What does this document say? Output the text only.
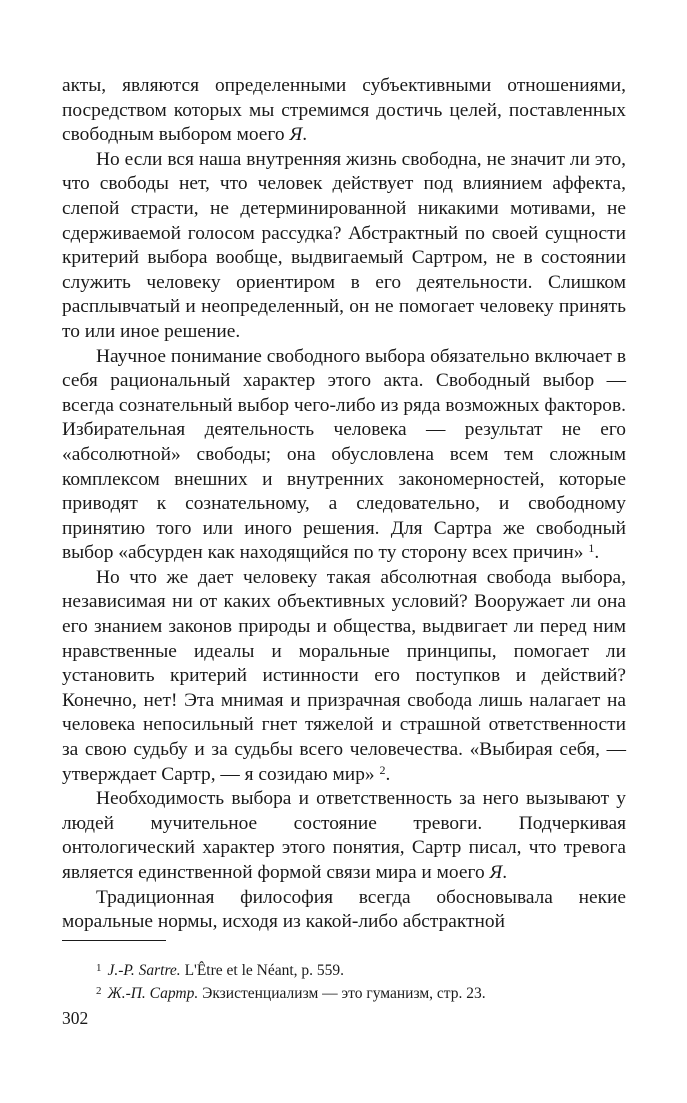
акты, являются определенными субъективными отношениями, посредством которых мы стремимся достичь целей, поставленных свободным выбором моего Я.

Но если вся наша внутренняя жизнь свободна, не значит ли это, что свободы нет, что человек действует под влиянием аффекта, слепой страсти, не детерминированной никакими мотивами, не сдерживаемой голосом рассудка? Абстрактный по своей сущности критерий выбора вообще, выдвигаемый Сартром, не в состоянии служить человеку ориентиром в его деятельности. Слишком расплывчатый и неопределенный, он не помогает человеку принять то или иное решение.

Научное понимание свободного выбора обязательно включает в себя рациональный характер этого акта. Свободный выбор — всегда сознательный выбор чего-либо из ряда возможных факторов. Избирательная деятельность человека — результат не его «абсолютной» свободы; она обусловлена всем тем сложным комплексом внешних и внутренних закономерностей, которые приводят к сознательному, а следовательно, и свободному принятию того или иного решения. Для Сартра же свободный выбор «абсурден как находящийся по ту сторону всех причин» $^1$.

Но что же дает человеку такая абсолютная свобода выбора, независимая ни от каких объективных условий? Вооружает ли она его знанием законов природы и общества, выдвигает ли перед ним нравственные идеалы и моральные принципы, помогает ли установить критерий истинности его поступков и действий? Конечно, нет! Эта мнимая и призрачная свобода лишь налагает на человека непосильный гнет тяжелой и страшной ответственности за свою судьбу и за судьбы всего человечества. «Выбирая себя, — утверждает Сартр, — я созидаю мир» $^2$.

Необходимость выбора и ответственность за него вызывают у людей мучительное состояние тревоги. Подчеркивая онтологический характер этого понятия, Сартр писал, что тревога является единственной формой связи мира и моего Я.

Традиционная философия всегда обосновывала некие моральные нормы, исходя из какой-либо абстрактной

$^1$ J.-P. Sartre. L'Être et le Néant, p. 559.
$^2$ Ж.-П. Сартр. Экзистенциализм — это гуманизм, стр. 23.
302
